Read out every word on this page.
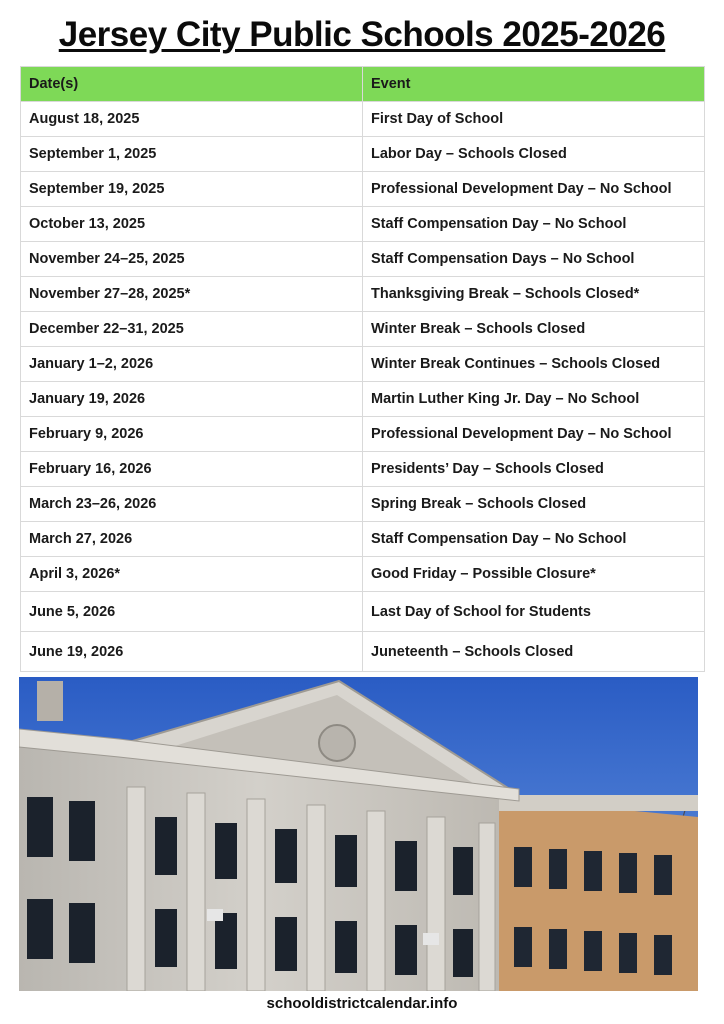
Jersey City Public Schools 2025-2026
Date(s)	Event
August 18, 2025	First Day of School
September 1, 2025	Labor Day – Schools Closed
September 19, 2025	Professional Development Day – No School
October 13, 2025	Staff Compensation Day – No School
November 24–25, 2025	Staff Compensation Days – No School
November 27–28, 2025*	Thanksgiving Break – Schools Closed*
December 22–31, 2025	Winter Break – Schools Closed
January 1–2, 2026	Winter Break Continues – Schools Closed
January 19, 2026	Martin Luther King Jr. Day – No School
February 9, 2026	Professional Development Day – No School
February 16, 2026	Presidents’ Day – Schools Closed
March 23–26, 2026	Spring Break – Schools Closed
March 27, 2026	Staff Compensation Day – No School
April 3, 2026*	Good Friday – Possible Closure*
June 5, 2026	Last Day of School for Students
June 19, 2026	Juneteenth – Schools Closed
schooldistrictcalendar.info
